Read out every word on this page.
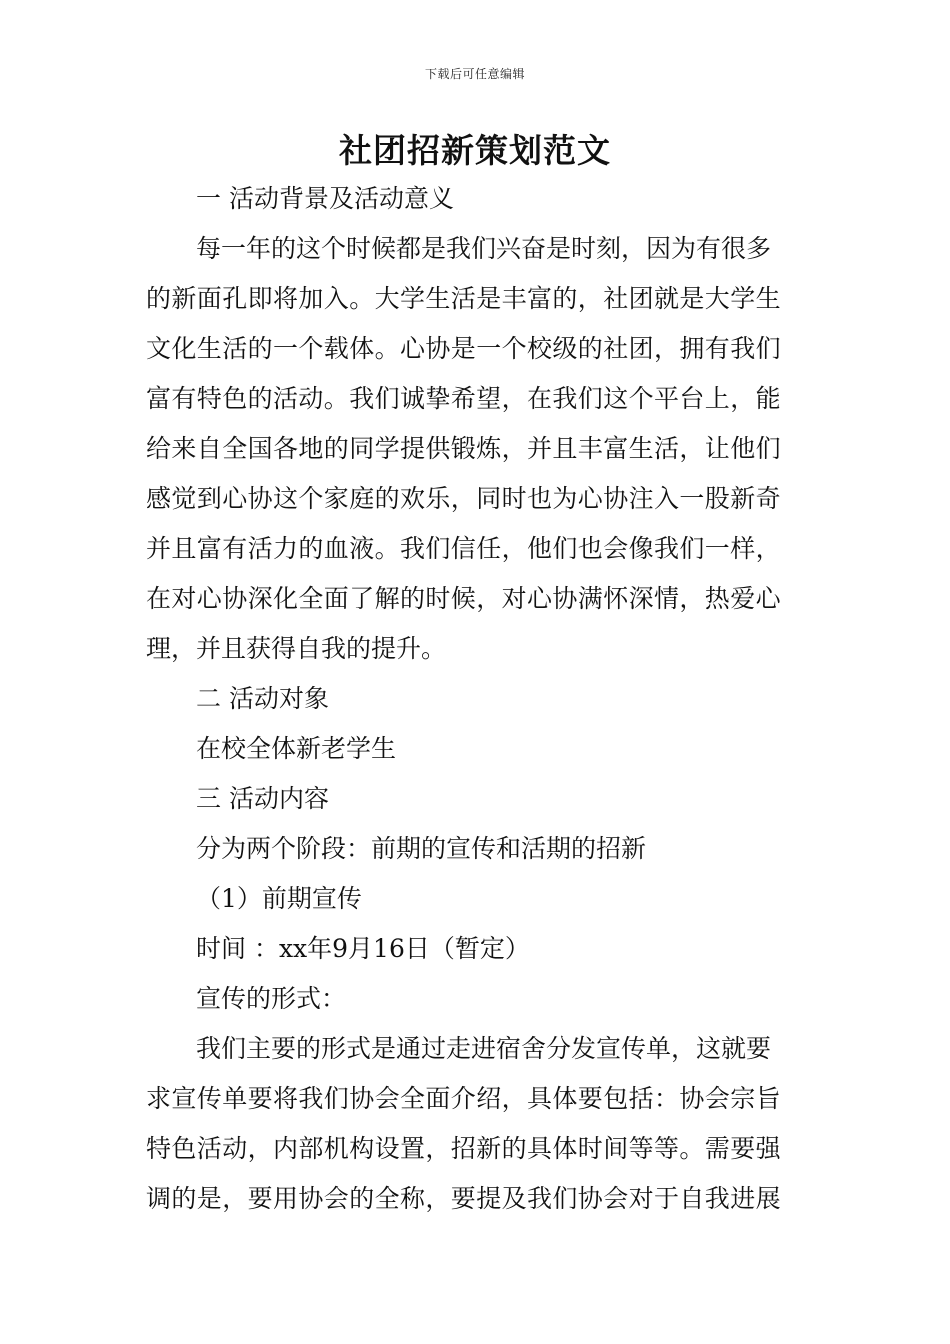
下载后可任意编辑
社团招新策划范文
一 活动背景及活动意义
每一年的这个时候都是我们兴奋是时刻，因为有很多
的新面孔即将加入。大学生活是丰富的，社团就是大学生
文化生活的一个载体。心协是一个校级的社团，拥有我们
富有特色的活动。我们诚挚希望，在我们这个平台上，能
给来自全国各地的同学提供锻炼，并且丰富生活，让他们
感觉到心协这个家庭的欢乐，同时也为心协注入一股新奇
并且富有活力的血液。我们信任，他们也会像我们一样，
在对心协深化全面了解的时候，对心协满怀深情，热爱心
理，并且获得自我的提升。
二 活动对象
在校全体新老学生
三 活动内容
分为两个阶段：前期的宣传和活期的招新
（1）前期宣传
时间 ：xx年9月16日（暂定）
宣传的形式：
我们主要的形式是通过走进宿舍分发宣传单，这就要
求宣传单要将我们协会全面介绍，具体要包括：协会宗旨
特色活动，内部机构设置，招新的具体时间等等。需要强
调的是，要用协会的全称，要提及我们协会对于自我进展
